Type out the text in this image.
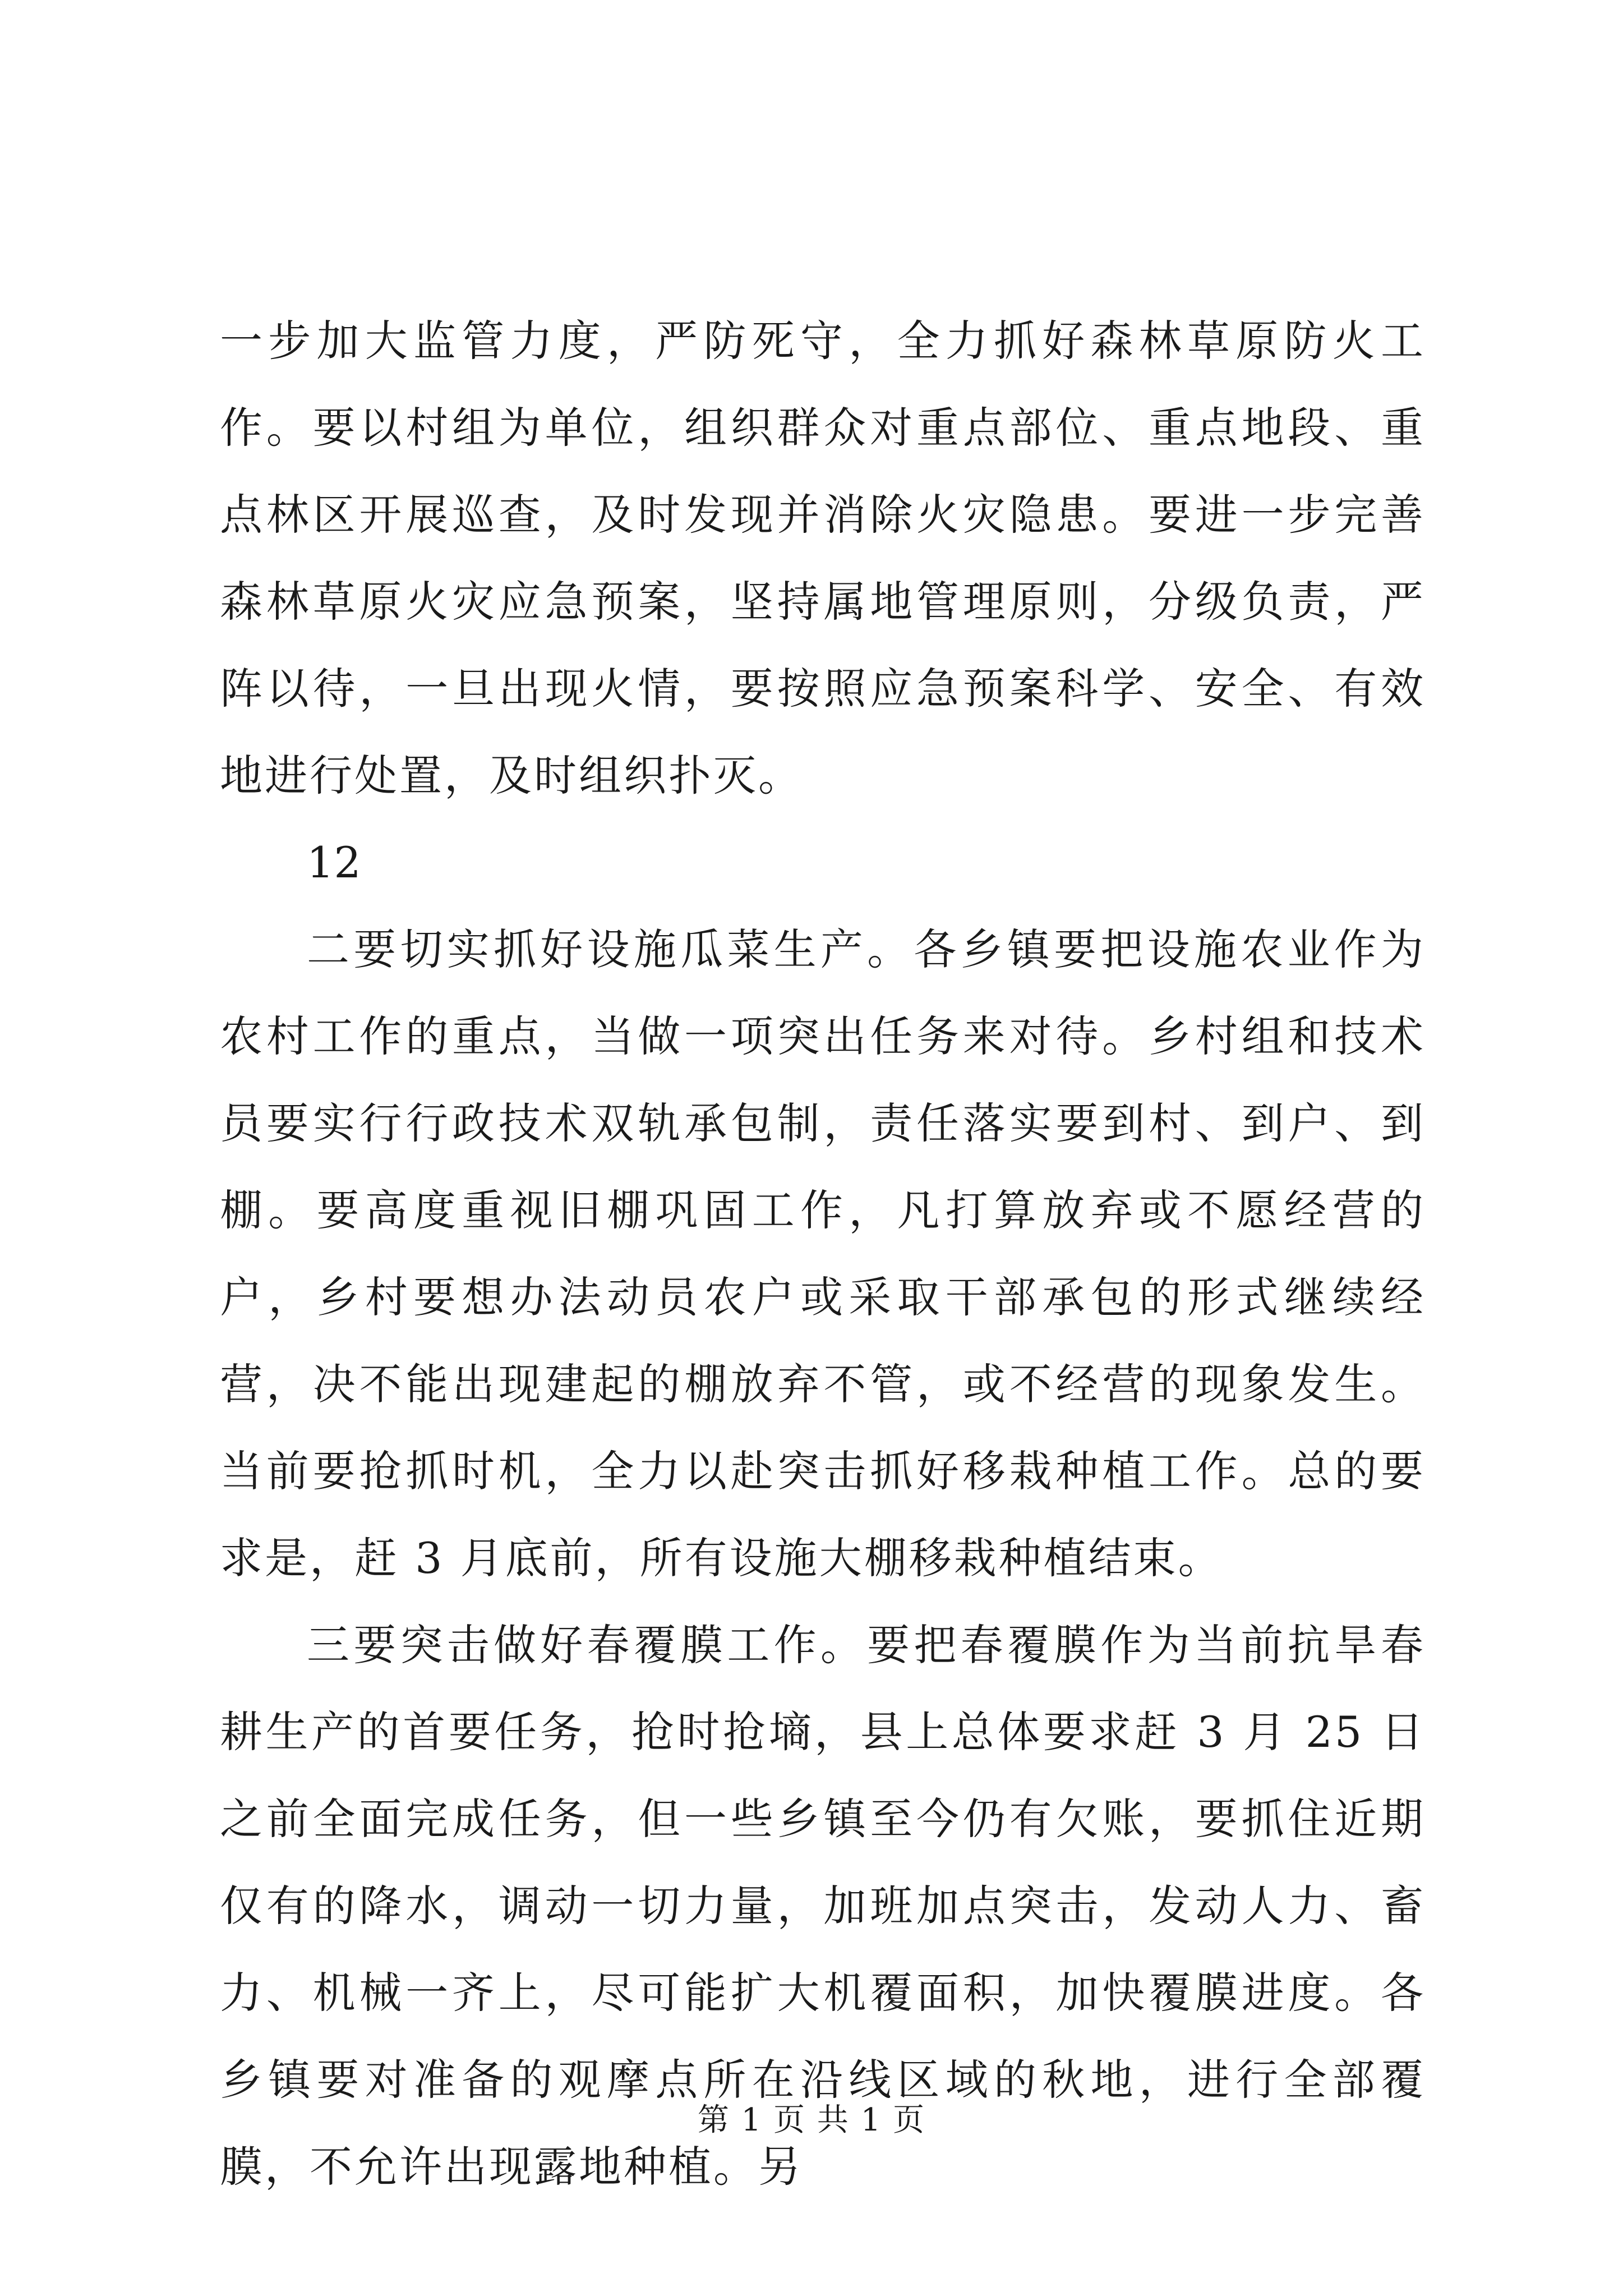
一步加大监管力度，严防死守，全力抓好森林草原防火工作。要以村组为单位，组织群众对重点部位、重点地段、重点林区开展巡查，及时发现并消除火灾隐患。要进一步完善森林草原火灾应急预案，坚持属地管理原则，分级负责，严阵以待，一旦出现火情，要按照应急预案科学、安全、有效地进行处置，及时组织扑灭。

12

二要切实抓好设施瓜菜生产。各乡镇要把设施农业作为农村工作的重点，当做一项突出任务来对待。乡村组和技术员要实行行政技术双轨承包制，责任落实要到村、到户、到棚。要高度重视旧棚巩固工作，凡打算放弃或不愿经营的户，乡村要想办法动员农户或采取干部承包的形式继续经营，决不能出现建起的棚放弃不管，或不经营的现象发生。当前要抢抓时机，全力以赴突击抓好移栽种植工作。总的要求是，赶 3 月底前，所有设施大棚移栽种植结束。

三要突击做好春覆膜工作。要把春覆膜作为当前抗旱春耕生产的首要任务，抢时抢墒，县上总体要求赶 3 月 25 日之前全面完成任务，但一些乡镇至今仍有欠账，要抓住近期仅有的降水，调动一切力量，加班加点突击，发动人力、畜力、机械一齐上，尽可能扩大机覆面积，加快覆膜进度。各乡镇要对准备的观摩点所在沿线区域的秋地，进行全部覆膜，不允许出现露地种植。另

第 1 页 共 1 页
